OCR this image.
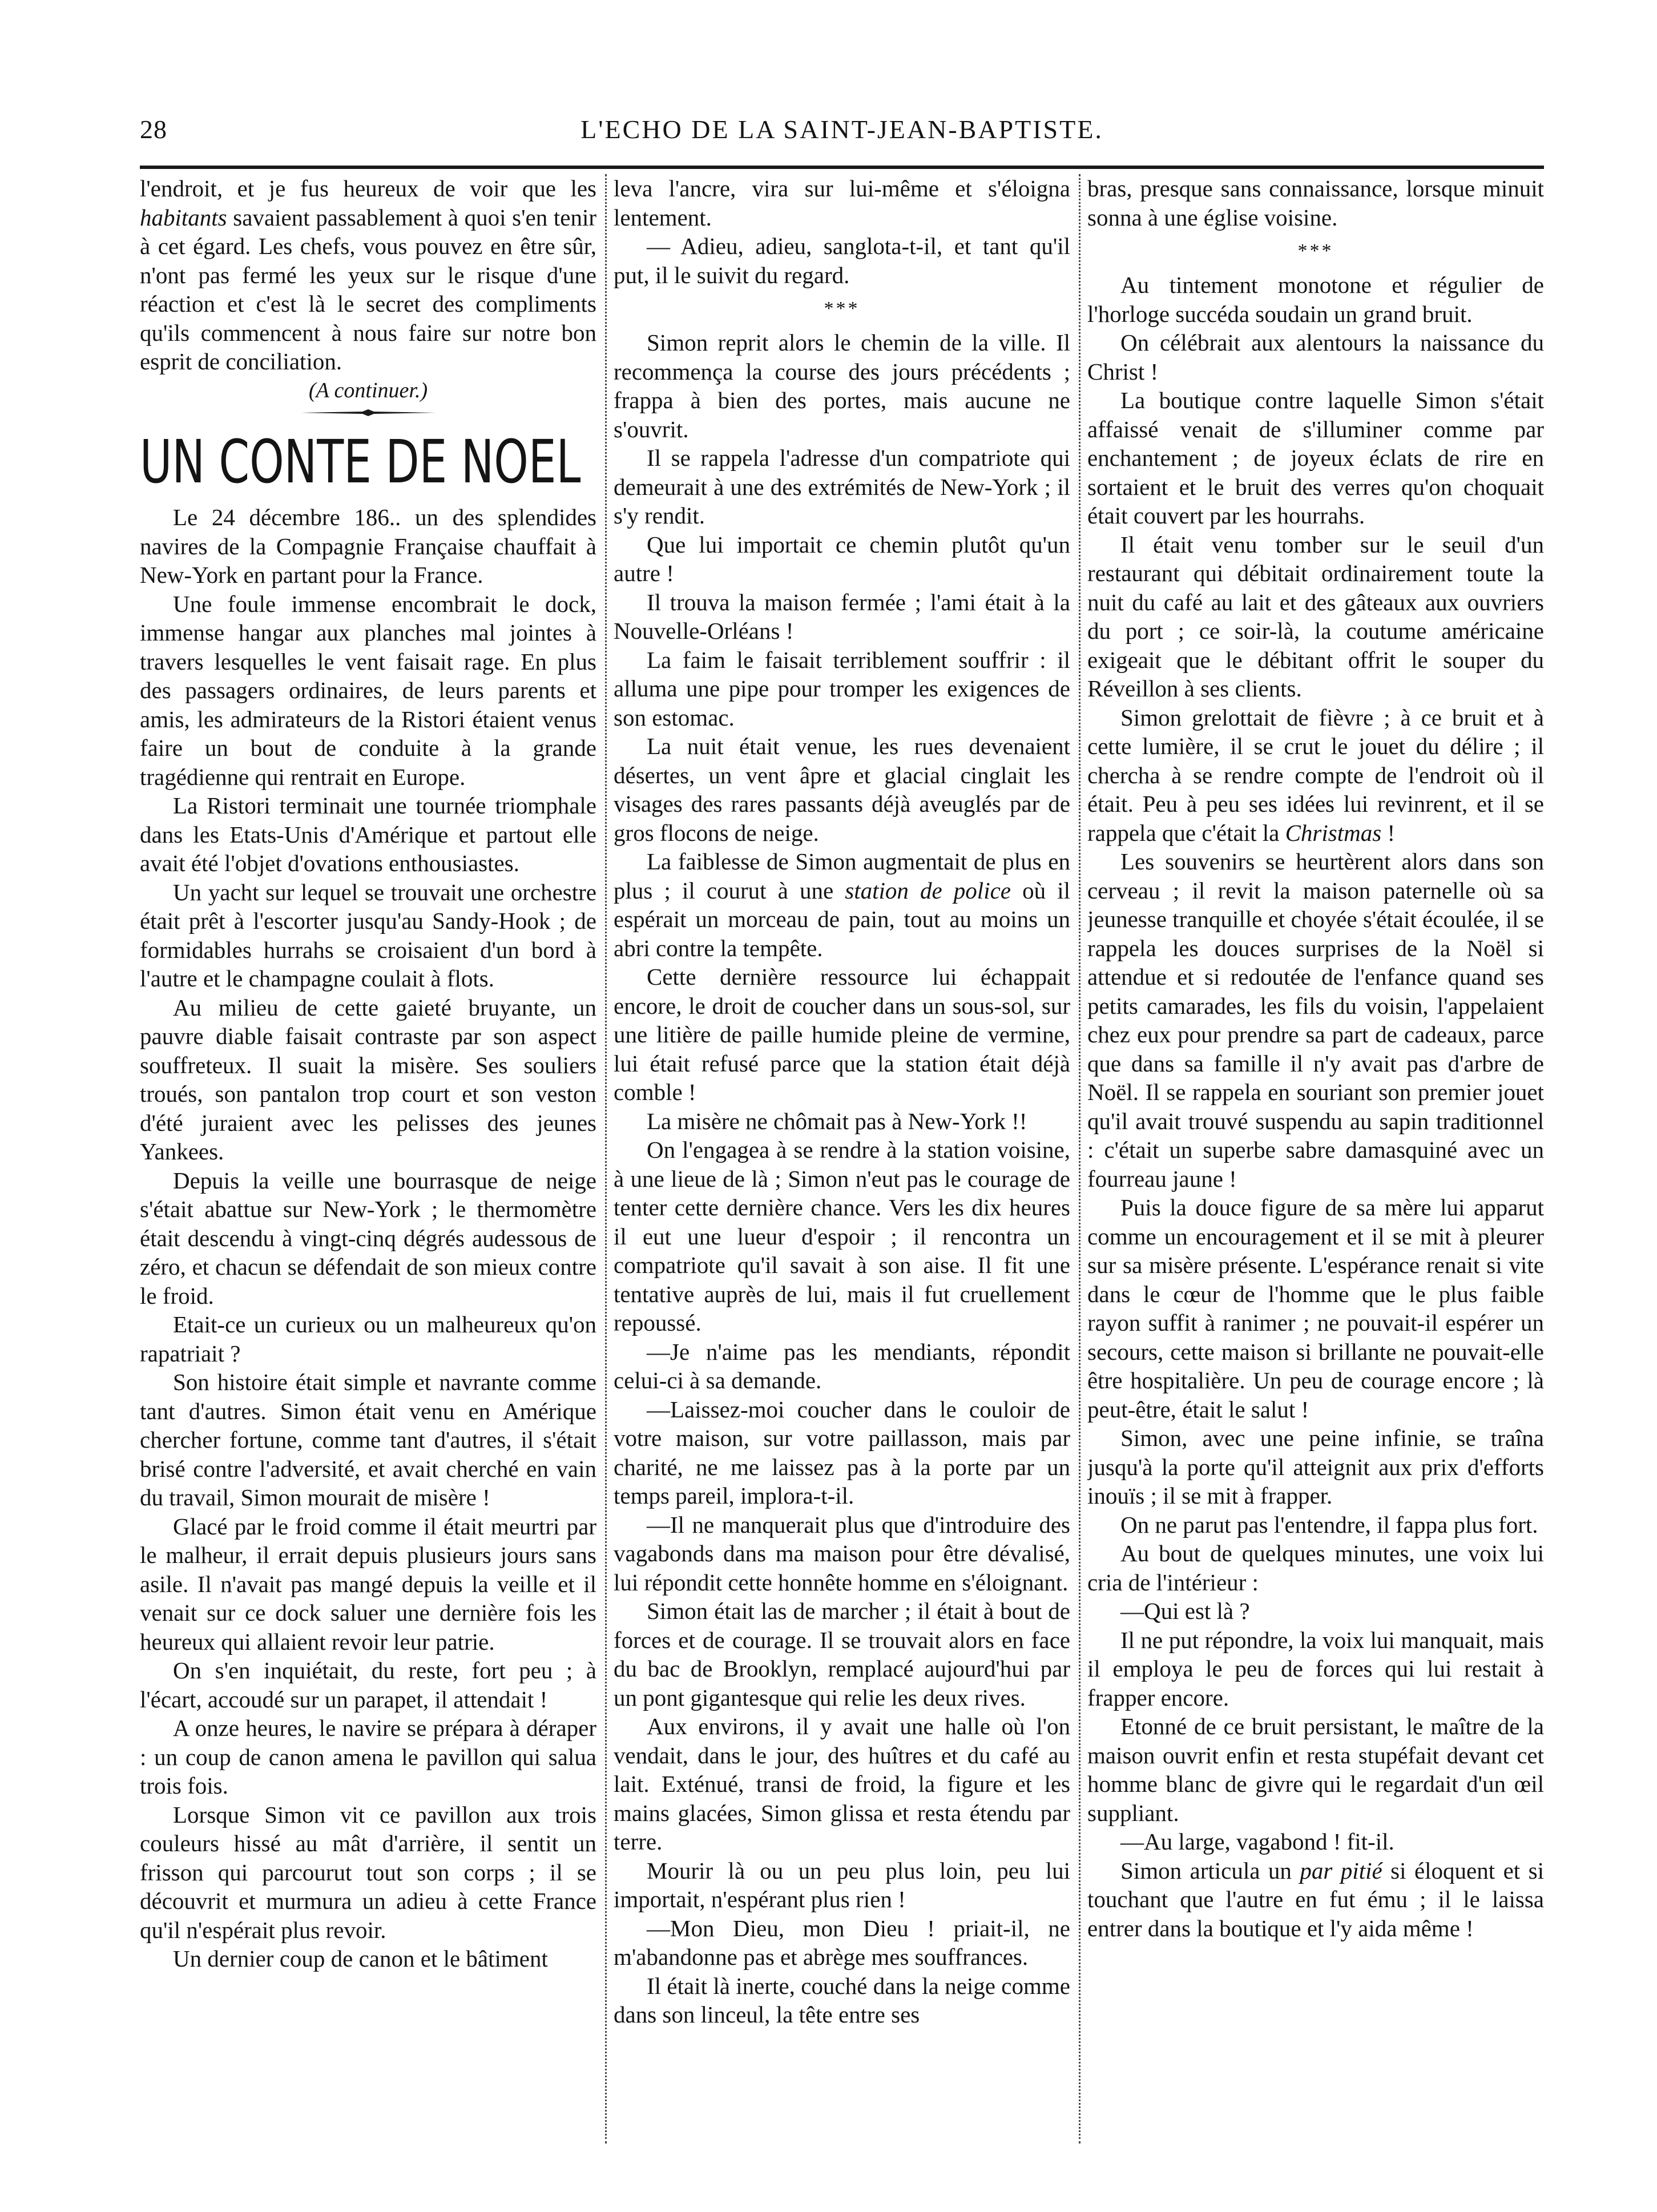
28	L'ECHO DE LA SAINT-JEAN-BAPTISTE.

l'endroit, et je fus heureux de voir que les habitants savaient passablement à quoi s'en tenir à cet égard. Les chefs, vous pouvez en être sûr, n'ont pas fermé les yeux sur le risque d'une réaction et c'est là le secret des compliments qu'ils commencent à nous faire sur notre bon esprit de conciliation.

(A continuer.)
UN CONTE DE NOEL

Le 24 décembre 186.. un des splendides navires de la Compagnie Française chauffait à New-York en partant pour la France.

Une foule immense encombrait le dock, immense hangar aux planches mal jointes à travers lesquelles le vent faisait rage. En plus des passagers ordinaires, de leurs parents et amis, les admirateurs de la Ristori étaient venus faire un bout de conduite à la grande tragédienne qui rentrait en Europe.

La Ristori terminait une tournée triomphale dans les Etats-Unis d'Amérique et partout elle avait été l'objet d'ovations enthousiastes.

Un yacht sur lequel se trouvait une orchestre était prêt à l'escorter jusqu'au Sandy-Hook ; de formidables hurrahs se croisaient d'un bord à l'autre et le champagne coulait à flots.

Au milieu de cette gaieté bruyante, un pauvre diable faisait contraste par son aspect souffreteux. Il suait la misère. Ses souliers troués, son pantalon trop court et son veston d'été juraient avec les pelisses des jeunes Yankees.

Depuis la veille une bourrasque de neige s'était abattue sur New-York ; le thermomètre était descendu à vingt-cinq dégrés audessous de zéro, et chacun se défendait de son mieux contre le froid.

Etait-ce un curieux ou un malheureux qu'on rapatriait ?

Son histoire était simple et navrante comme tant d'autres. Simon était venu en Amérique chercher fortune, comme tant d'autres, il s'était brisé contre l'adversité, et avait cherché en vain du travail, Simon mourait de misère !

Glacé par le froid comme il était meurtri par le malheur, il errait depuis plusieurs jours sans asile. Il n'avait pas mangé depuis la veille et il venait sur ce dock saluer une dernière fois les heureux qui allaient revoir leur patrie.

On s'en inquiétait, du reste, fort peu ; à l'écart, accoudé sur un parapet, il attendait !

A onze heures, le navire se prépara à déraper : un coup de canon amena le pavillon qui salua trois fois.

Lorsque Simon vit ce pavillon aux trois couleurs hissé au mât d'arrière, il sentit un frisson qui parcourut tout son corps ; il se découvrit et murmura un adieu à cette France qu'il n'espérait plus revoir.

Un dernier coup de canon et le bâtiment

leva l'ancre, vira sur lui-même et s'éloigna lentement.

— Adieu, adieu, sanglota-t-il, et tant qu'il put, il le suivit du regard.

***

Simon reprit alors le chemin de la ville. Il recommença la course des jours précédents ; frappa à bien des portes, mais aucune ne s'ouvrit.

Il se rappela l'adresse d'un compatriote qui demeurait à une des extrémités de New-York ; il s'y rendit.

Que lui importait ce chemin plutôt qu'un autre !

Il trouva la maison fermée ; l'ami était à la Nouvelle-Orléans !

La faim le faisait terriblement souffrir : il alluma une pipe pour tromper les exigences de son estomac.

La nuit était venue, les rues devenaient désertes, un vent âpre et glacial cinglait les visages des rares passants déjà aveuglés par de gros flocons de neige.

La faiblesse de Simon augmentait de plus en plus ; il courut à une station de police où il espérait un morceau de pain, tout au moins un abri contre la tempête.

Cette dernière ressource lui échappait encore, le droit de coucher dans un sous-sol, sur une litière de paille humide pleine de vermine, lui était refusé parce que la station était déjà comble !

La misère ne chômait pas à New-York !!

On l'engagea à se rendre à la station voisine, à une lieue de là ; Simon n'eut pas le courage de tenter cette dernière chance. Vers les dix heures il eut une lueur d'espoir ; il rencontra un compatriote qu'il savait à son aise. Il fit une tentative auprès de lui, mais il fut cruellement repoussé.

—Je n'aime pas les mendiants, répondit celui-ci à sa demande.

—Laissez-moi coucher dans le couloir de votre maison, sur votre paillasson, mais par charité, ne me laissez pas à la porte par un temps pareil, implora-t-il.

—Il ne manquerait plus que d'introduire des vagabonds dans ma maison pour être dévalisé, lui répondit cette honnête homme en s'éloignant.

Simon était las de marcher ; il était à bout de forces et de courage. Il se trouvait alors en face du bac de Brooklyn, remplacé aujourd'hui par un pont gigantesque qui relie les deux rives.

Aux environs, il y avait une halle où l'on vendait, dans le jour, des huîtres et du café au lait. Exténué, transi de froid, la figure et les mains glacées, Simon glissa et resta étendu par terre.

Mourir là ou un peu plus loin, peu lui importait, n'espérant plus rien !

—Mon Dieu, mon Dieu ! priait-il, ne m'abandonne pas et abrège mes souffrances.

Il était là inerte, couché dans la neige comme dans son linceul, la tête entre ses

bras, presque sans connaissance, lorsque minuit sonna à une église voisine.

***

Au tintement monotone et régulier de l'horloge succéda soudain un grand bruit.

On célébrait aux alentours la naissance du Christ !

La boutique contre laquelle Simon s'était affaissé venait de s'illuminer comme par enchantement ; de joyeux éclats de rire en sortaient et le bruit des verres qu'on choquait était couvert par les hourrahs.

Il était venu tomber sur le seuil d'un restaurant qui débitait ordinairement toute la nuit du café au lait et des gâteaux aux ouvriers du port ; ce soir-là, la coutume américaine exigeait que le débitant offrit le souper du Réveillon à ses clients.

Simon grelottait de fièvre ; à ce bruit et à cette lumière, il se crut le jouet du délire ; il chercha à se rendre compte de l'endroit où il était. Peu à peu ses idées lui revinrent, et il se rappela que c'était la Christmas !

Les souvenirs se heurtèrent alors dans son cerveau ; il revit la maison paternelle où sa jeunesse tranquille et choyée s'était écoulée, il se rappela les douces surprises de la Noël si attendue et si redoutée de l'enfance quand ses petits camarades, les fils du voisin, l'appelaient chez eux pour prendre sa part de cadeaux, parce que dans sa famille il n'y avait pas d'arbre de Noël. Il se rappela en souriant son premier jouet qu'il avait trouvé suspendu au sapin traditionnel : c'était un superbe sabre damasquiné avec un fourreau jaune !

Puis la douce figure de sa mère lui apparut comme un encouragement et il se mit à pleurer sur sa misère présente. L'espérance renait si vite dans le cœur de l'homme que le plus faible rayon suffit à ranimer ; ne pouvait-il espérer un secours, cette maison si brillante ne pouvait-elle être hospitalière. Un peu de courage encore ; là peut-être, était le salut !

Simon, avec une peine infinie, se traîna jusqu'à la porte qu'il atteignit aux prix d'efforts inouïs ; il se mit à frapper.

On ne parut pas l'entendre, il fappa plus fort.

Au bout de quelques minutes, une voix lui cria de l'intérieur :

—Qui est là ?

Il ne put répondre, la voix lui manquait, mais il employa le peu de forces qui lui restait à frapper encore.

Etonné de ce bruit persistant, le maître de la maison ouvrit enfin et resta stupéfait devant cet homme blanc de givre qui le regardait d'un œil suppliant.

—Au large, vagabond ! fit-il.

Simon articula un par pitié si éloquent et si touchant que l'autre en fut ému ; il le laissa entrer dans la boutique et l'y aida même !
